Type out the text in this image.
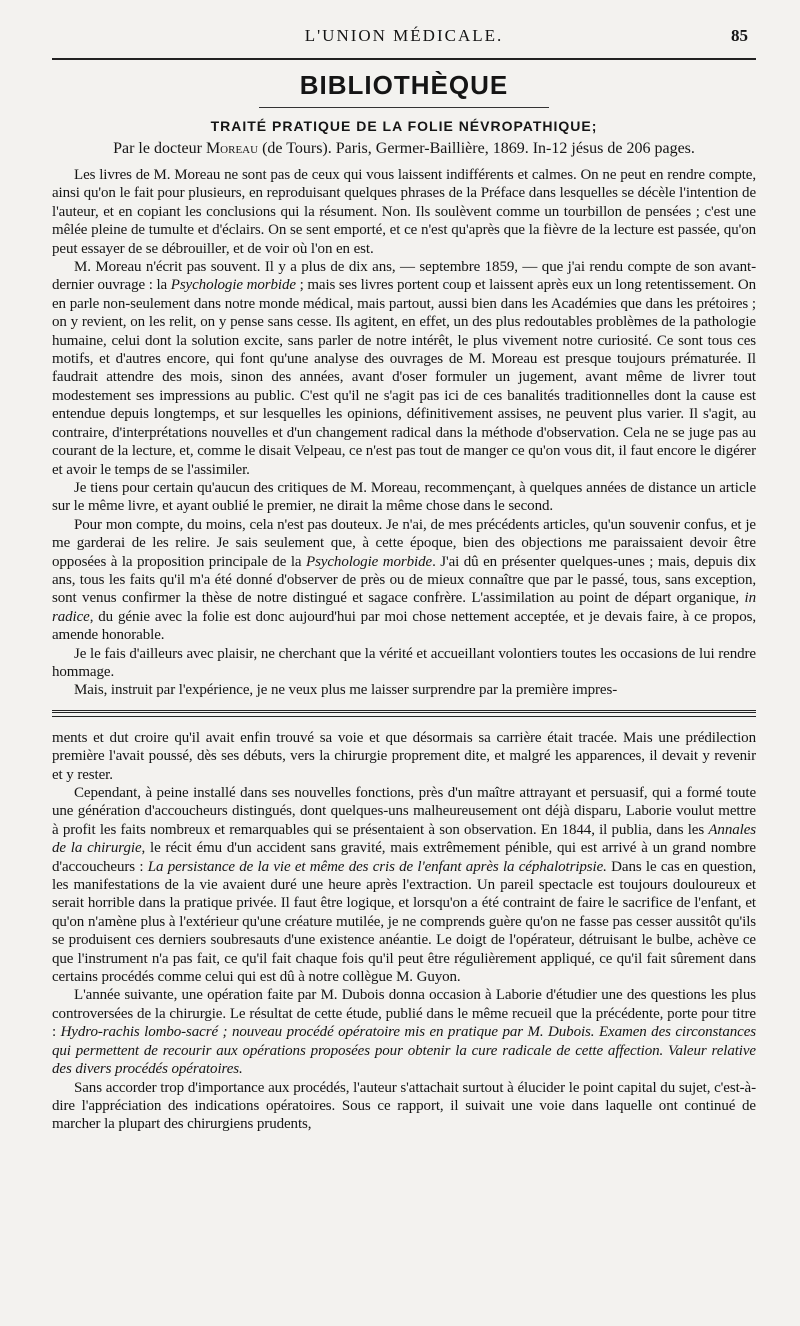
L'UNION MÉDICALE.	85
BIBLIOTHÈQUE
TRAITÉ PRATIQUE DE LA FOLIE NÉVROPATHIQUE;
Par le docteur Moreau (de Tours). Paris, Germer-Baillière, 1869. In-12 jésus de 206 pages.

Les livres de M. Moreau ne sont pas de ceux qui vous laissent indifférents et calmes. On ne peut en rendre compte, ainsi qu'on le fait pour plusieurs, en reproduisant quelques phrases de la Préface dans lesquelles se décèle l'intention de l'auteur, et en copiant les conclusions qui la résument. Non. Ils soulèvent comme un tourbillon de pensées ; c'est une mêlée pleine de tumulte et d'éclairs. On se sent emporté, et ce n'est qu'après que la fièvre de la lecture est passée, qu'on peut essayer de se débrouiller, et de voir où l'on en est.

M. Moreau n'écrit pas souvent. Il y a plus de dix ans, — septembre 1859, — que j'ai rendu compte de son avant-dernier ouvrage : la Psychologie morbide ; mais ses livres portent coup et laissent après eux un long retentissement. On en parle non-seulement dans notre monde médical, mais partout, aussi bien dans les Académies que dans les prétoires ; on y revient, on les relit, on y pense sans cesse. Ils agitent, en effet, un des plus redoutables problèmes de la pathologie humaine, celui dont la solution excite, sans parler de notre intérêt, le plus vivement notre curiosité. Ce sont tous ces motifs, et d'autres encore, qui font qu'une analyse des ouvrages de M. Moreau est presque toujours prématurée. Il faudrait attendre des mois, sinon des années, avant d'oser formuler un jugement, avant même de livrer tout modestement ses impressions au public. C'est qu'il ne s'agit pas ici de ces banalités traditionnelles dont la cause est entendue depuis longtemps, et sur lesquelles les opinions, définitivement assises, ne peuvent plus varier. Il s'agit, au contraire, d'interprétations nouvelles et d'un changement radical dans la méthode d'observation. Cela ne se juge pas au courant de la lecture, et, comme le disait Velpeau, ce n'est pas tout de manger ce qu'on vous dit, il faut encore le digérer et avoir le temps de se l'assimiler.

Je tiens pour certain qu'aucun des critiques de M. Moreau, recommençant, à quelques années de distance un article sur le même livre, et ayant oublié le premier, ne dirait la même chose dans le second.

Pour mon compte, du moins, cela n'est pas douteux. Je n'ai, de mes précédents articles, qu'un souvenir confus, et je me garderai de les relire. Je sais seulement que, à cette époque, bien des objections me paraissaient devoir être opposées à la proposition principale de la Psychologie morbide. J'ai dû en présenter quelques-unes ; mais, depuis dix ans, tous les faits qu'il m'a été donné d'observer de près ou de mieux connaître que par le passé, tous, sans exception, sont venus confirmer la thèse de notre distingué et sagace confrère. L'assimilation au point de départ organique, in radice, du génie avec la folie est donc aujourd'hui par moi chose nettement acceptée, et je devais faire, à ce propos, amende honorable.

Je le fais d'ailleurs avec plaisir, ne cherchant que la vérité et accueillant volontiers toutes les occasions de lui rendre hommage.

Mais, instruit par l'expérience, je ne veux plus me laisser surprendre par la première impres-

ments et dut croire qu'il avait enfin trouvé sa voie et que désormais sa carrière était tracée. Mais une prédilection première l'avait poussé, dès ses débuts, vers la chirurgie proprement dite, et malgré les apparences, il devait y revenir et y rester.

Cependant, à peine installé dans ses nouvelles fonctions, près d'un maître attrayant et persuasif, qui a formé toute une génération d'accoucheurs distingués, dont quelques-uns malheureusement ont déjà disparu, Laborie voulut mettre à profit les faits nombreux et remarquables qui se présentaient à son observation. En 1844, il publia, dans les Annales de la chirurgie, le récit ému d'un accident sans gravité, mais extrêmement pénible, qui est arrivé à un grand nombre d'accoucheurs : La persistance de la vie et même des cris de l'enfant après la céphalotripsie. Dans le cas en question, les manifestations de la vie avaient duré une heure après l'extraction. Un pareil spectacle est toujours douloureux et serait horrible dans la pratique privée. Il faut être logique, et lorsqu'on a été contraint de faire le sacrifice de l'enfant, et qu'on n'amène plus à l'extérieur qu'une créature mutilée, je ne comprends guère qu'on ne fasse pas cesser aussitôt qu'ils se produisent ces derniers soubresauts d'une existence anéantie. Le doigt de l'opérateur, détruisant le bulbe, achève ce que l'instrument n'a pas fait, ce qu'il fait chaque fois qu'il peut être régulièrement appliqué, ce qu'il fait sûrement dans certains procédés comme celui qui est dû à notre collègue M. Guyon.

L'année suivante, une opération faite par M. Dubois donna occasion à Laborie d'étudier une des questions les plus controversées de la chirurgie. Le résultat de cette étude, publié dans le même recueil que la précédente, porte pour titre : Hydro-rachis lombo-sacré ; nouveau procédé opératoire mis en pratique par M. Dubois. Examen des circonstances qui permettent de recourir aux opérations proposées pour obtenir la cure radicale de cette affection. Valeur relative des divers procédés opératoires.

Sans accorder trop d'importance aux procédés, l'auteur s'attachait surtout à élucider le point capital du sujet, c'est-à-dire l'appréciation des indications opératoires. Sous ce rapport, il suivait une voie dans laquelle ont continué de marcher la plupart des chirurgiens prudents,
